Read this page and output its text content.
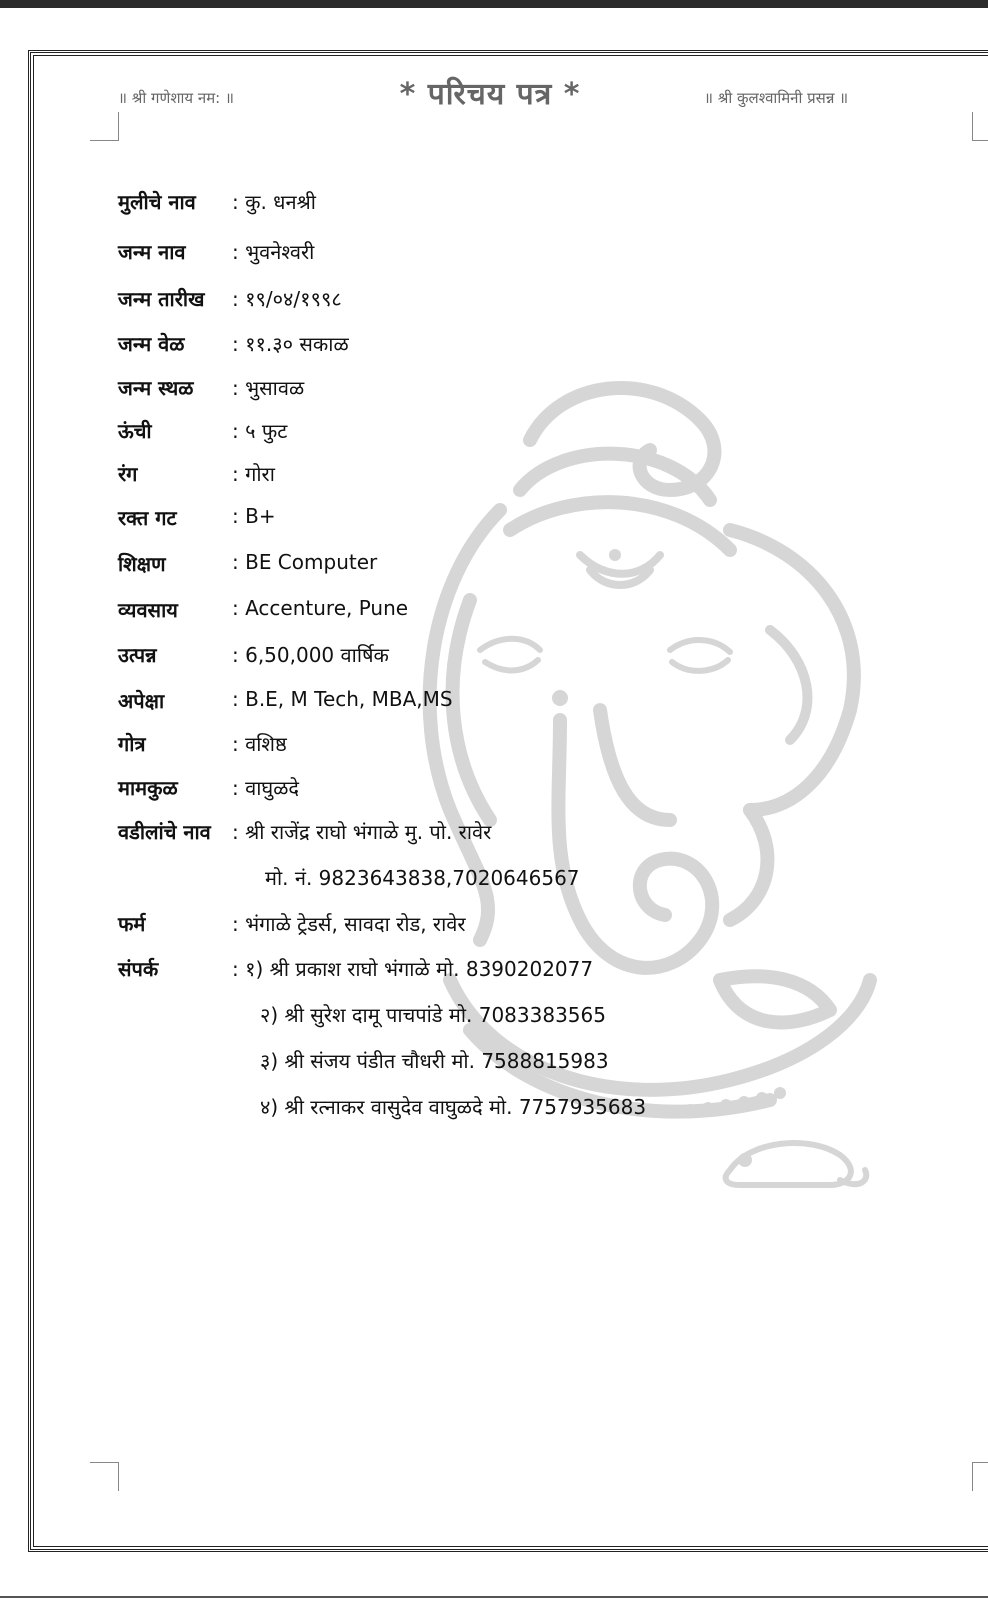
॥ श्री गणेशाय नम: ॥	* परिचय पत्र *	॥ श्री कुलश्वामिनी प्रसन्न ॥
मुलीचे नाव	: कु. धनश्री
जन्म नाव	: भुवनेश्वरी
जन्म तारीख	: १९/०४/१९९८
जन्म वेळ	: ११.३० सकाळ
जन्म स्थळ	: भुसावळ
ऊंची	: ५ फुट
रंग	: गोरा
रक्त गट	: B+
शिक्षण	: BE Computer
व्यवसाय	: Accenture, Pune
उत्पन्न	: 6,50,000 वार्षिक
अपेक्षा	: B.E, M Tech, MBA,MS
गोत्र	: वशिष्ठ
मामकुळ	: वाघुळदे
वडीलांचे नाव	: श्री राजेंद्र राघो भंगाळे मु. पो. रावेर
मो. नं. 9823643838,7020646567
फर्म	: भंगाळे ट्रेडर्स, सावदा रोड, रावेर
संपर्क	: १) श्री प्रकाश राघो भंगाळे मो. 8390202077
२) श्री सुरेश दामू पाचपांडे मो. 7083383565
३) श्री संजय पंडीत चौधरी मो. 7588815983
४) श्री रत्नाकर वासुदेव वाघुळदे मो. 7757935683
